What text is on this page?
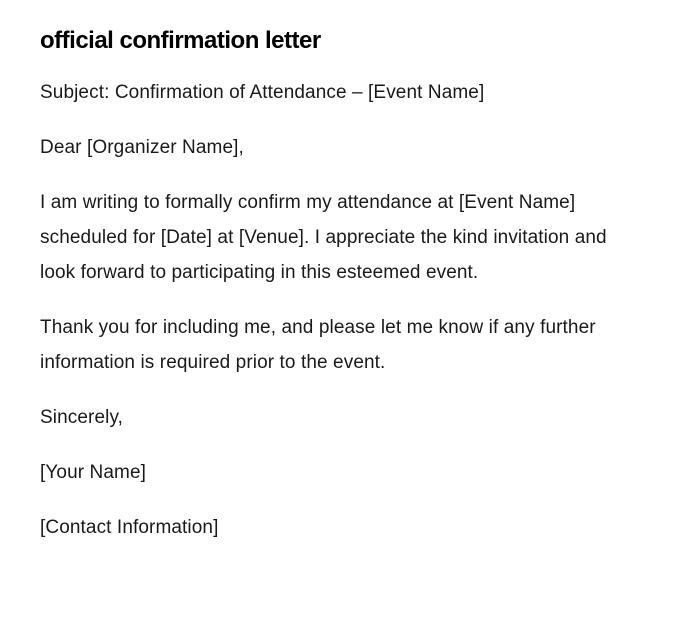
official confirmation letter

Subject: Confirmation of Attendance – [Event Name]

Dear [Organizer Name],

I am writing to formally confirm my attendance at [Event Name] scheduled for [Date] at [Venue]. I appreciate the kind invitation and look forward to participating in this esteemed event.

Thank you for including me, and please let me know if any further information is required prior to the event.

Sincerely,

[Your Name]

[Contact Information]
